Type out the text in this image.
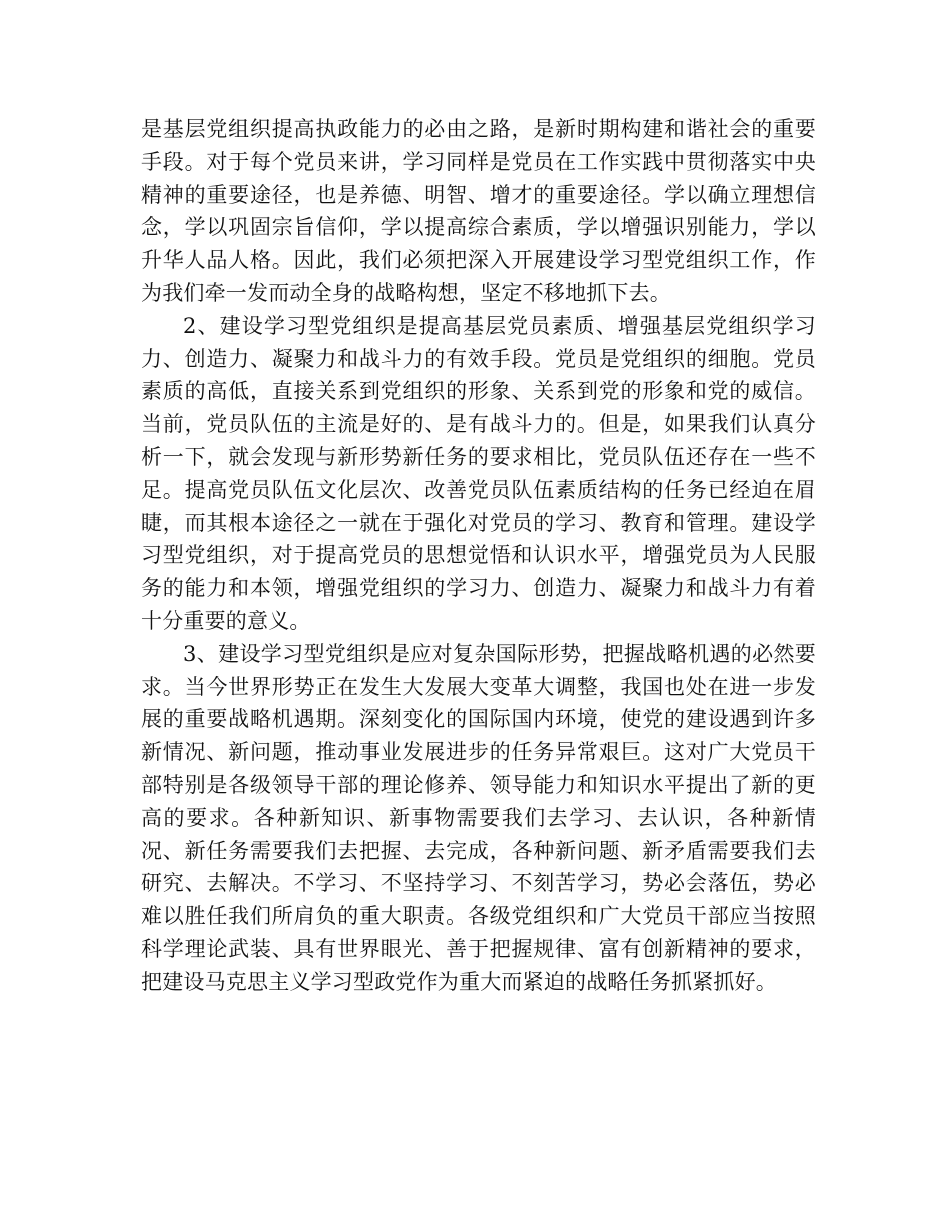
是基层党组织提高执政能力的必由之路，是新时期构建和谐社会的重要手段。对于每个党员来讲，学习同样是党员在工作实践中贯彻落实中央精神的重要途径，也是养德、明智、增才的重要途径。学以确立理想信念，学以巩固宗旨信仰，学以提高综合素质，学以增强识别能力，学以升华人品人格。因此，我们必须把深入开展建设学习型党组织工作，作为我们牵一发而动全身的战略构想，坚定不移地抓下去。

2、建设学习型党组织是提高基层党员素质、增强基层党组织学习力、创造力、凝聚力和战斗力的有效手段。党员是党组织的细胞。党员素质的高低，直接关系到党组织的形象、关系到党的形象和党的威信。当前，党员队伍的主流是好的、是有战斗力的。但是，如果我们认真分析一下，就会发现与新形势新任务的要求相比，党员队伍还存在一些不足。提高党员队伍文化层次、改善党员队伍素质结构的任务已经迫在眉睫，而其根本途径之一就在于强化对党员的学习、教育和管理。建设学习型党组织，对于提高党员的思想觉悟和认识水平，增强党员为人民服务的能力和本领，增强党组织的学习力、创造力、凝聚力和战斗力有着十分重要的意义。

3、建设学习型党组织是应对复杂国际形势，把握战略机遇的必然要求。当今世界形势正在发生大发展大变革大调整，我国也处在进一步发展的重要战略机遇期。深刻变化的国际国内环境，使党的建设遇到许多新情况、新问题，推动事业发展进步的任务异常艰巨。这对广大党员干部特别是各级领导干部的理论修养、领导能力和知识水平提出了新的更高的要求。各种新知识、新事物需要我们去学习、去认识，各种新情况、新任务需要我们去把握、去完成，各种新问题、新矛盾需要我们去研究、去解决。不学习、不坚持学习、不刻苦学习，势必会落伍，势必难以胜任我们所肩负的重大职责。各级党组织和广大党员干部应当按照科学理论武装、具有世界眼光、善于把握规律、富有创新精神的要求，把建设马克思主义学习型政党作为重大而紧迫的战略任务抓紧抓好。
